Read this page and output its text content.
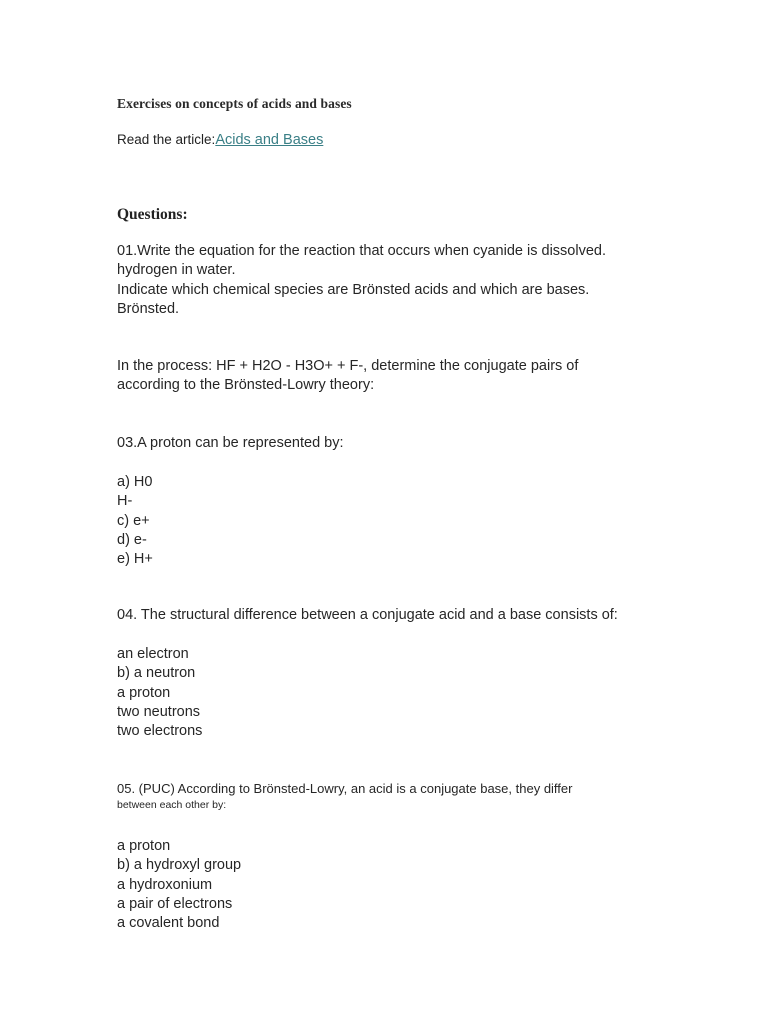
Exercises on concepts of acids and bases

Read the article:Acids and Bases

Questions:
01.Write the equation for the reaction that occurs when cyanide is dissolved.
hydrogen in water.
Indicate which chemical species are Brönsted acids and which are bases.
Brönsted.
In the process: HF + H2O - H3O+ + F-, determine the conjugate pairs of
according to the Brönsted-Lowry theory:
03.A proton can be represented by:
a) H0
H-
c) e+
d) e-
e) H+
04. The structural difference between a conjugate acid and a base consists of:
an electron
b) a neutron
a proton
two neutrons
two electrons
05. (PUC) According to Brönsted-Lowry, an acid is a conjugate base, they differ
between each other by:
a proton
b) a hydroxyl group
a hydroxonium
a pair of electrons
a covalent bond
